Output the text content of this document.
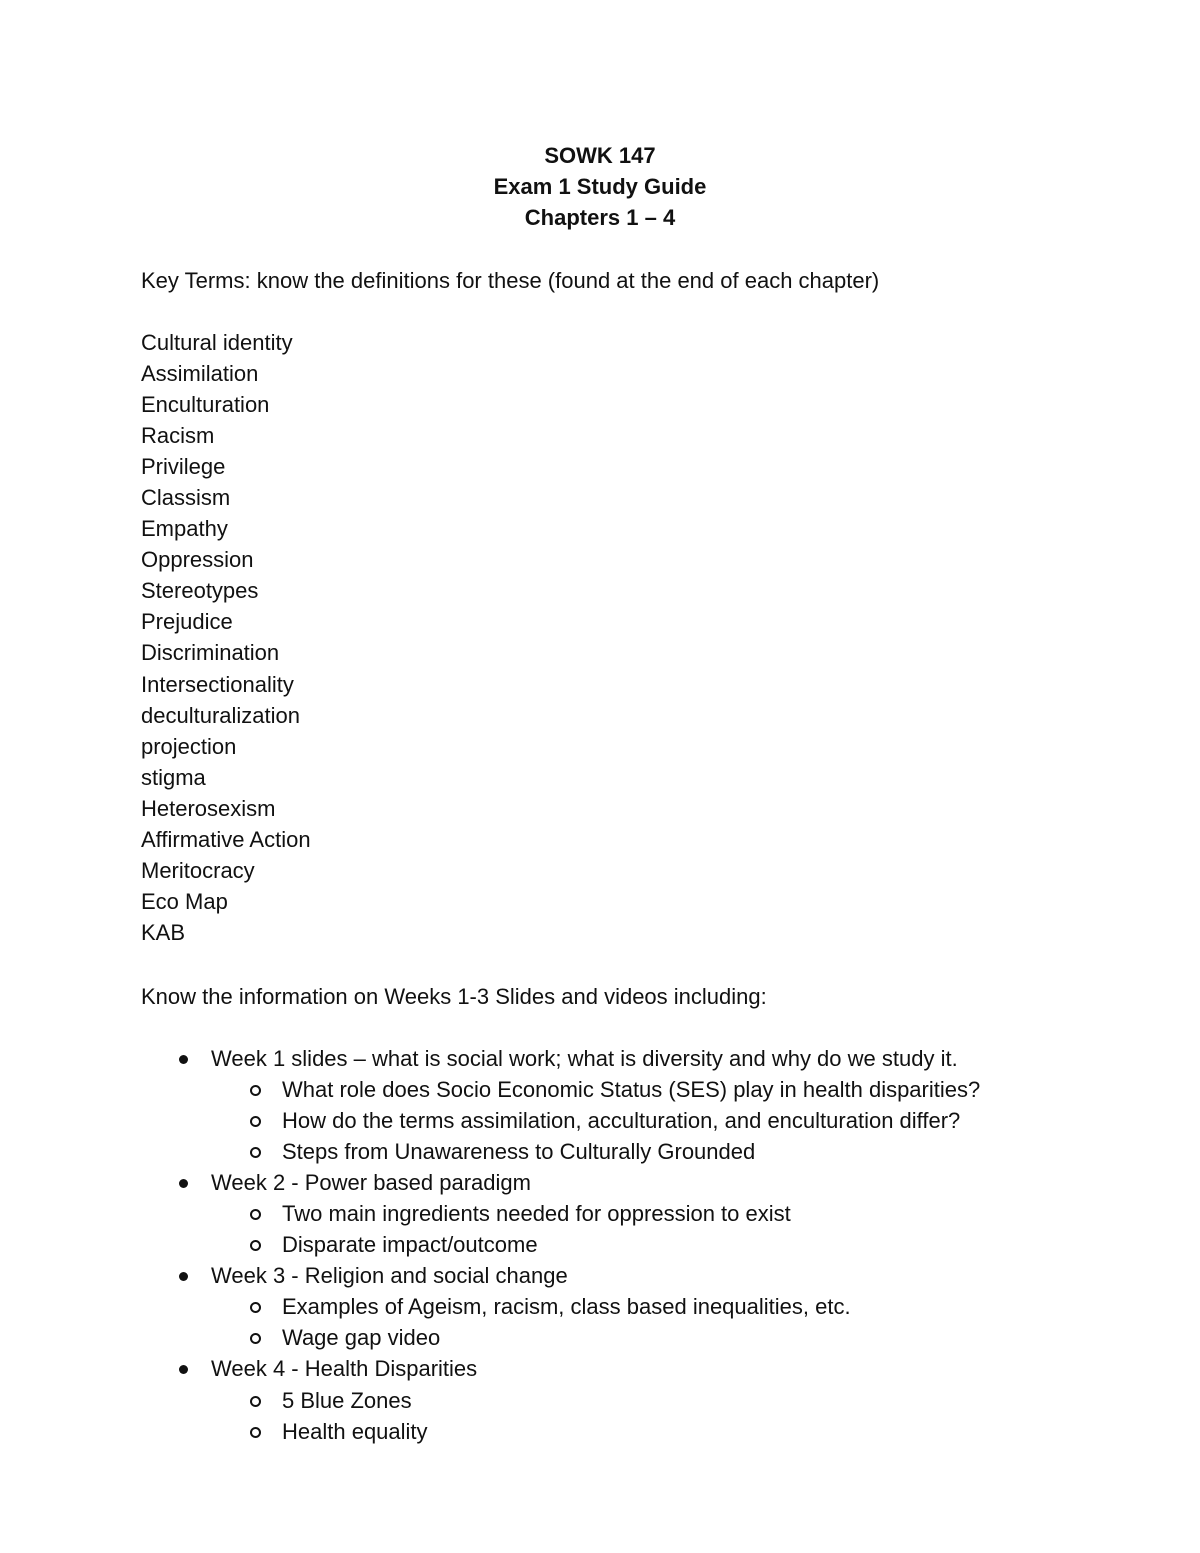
SOWK 147
Exam 1 Study Guide
Chapters 1 – 4
Key Terms: know the definitions for these (found at the end of each chapter)
Cultural identity
Assimilation
Enculturation
Racism
Privilege
Classism
Empathy
Oppression
Stereotypes
Prejudice
Discrimination
Intersectionality
deculturalization
projection
stigma
Heterosexism
Affirmative Action
Meritocracy
Eco Map
KAB
Know the information on Weeks 1-3 Slides and videos including:
Week 1 slides – what is social work; what is diversity and why do we study it.
What role does Socio Economic Status (SES) play in health disparities?
How do the terms assimilation, acculturation, and enculturation differ?
Steps from Unawareness to Culturally Grounded
Week 2 - Power based paradigm
Two main ingredients needed for oppression to exist
Disparate impact/outcome
Week 3 - Religion and social change
Examples of Ageism, racism, class based inequalities, etc.
Wage gap video
Week 4 - Health Disparities
5 Blue Zones
Health equality
